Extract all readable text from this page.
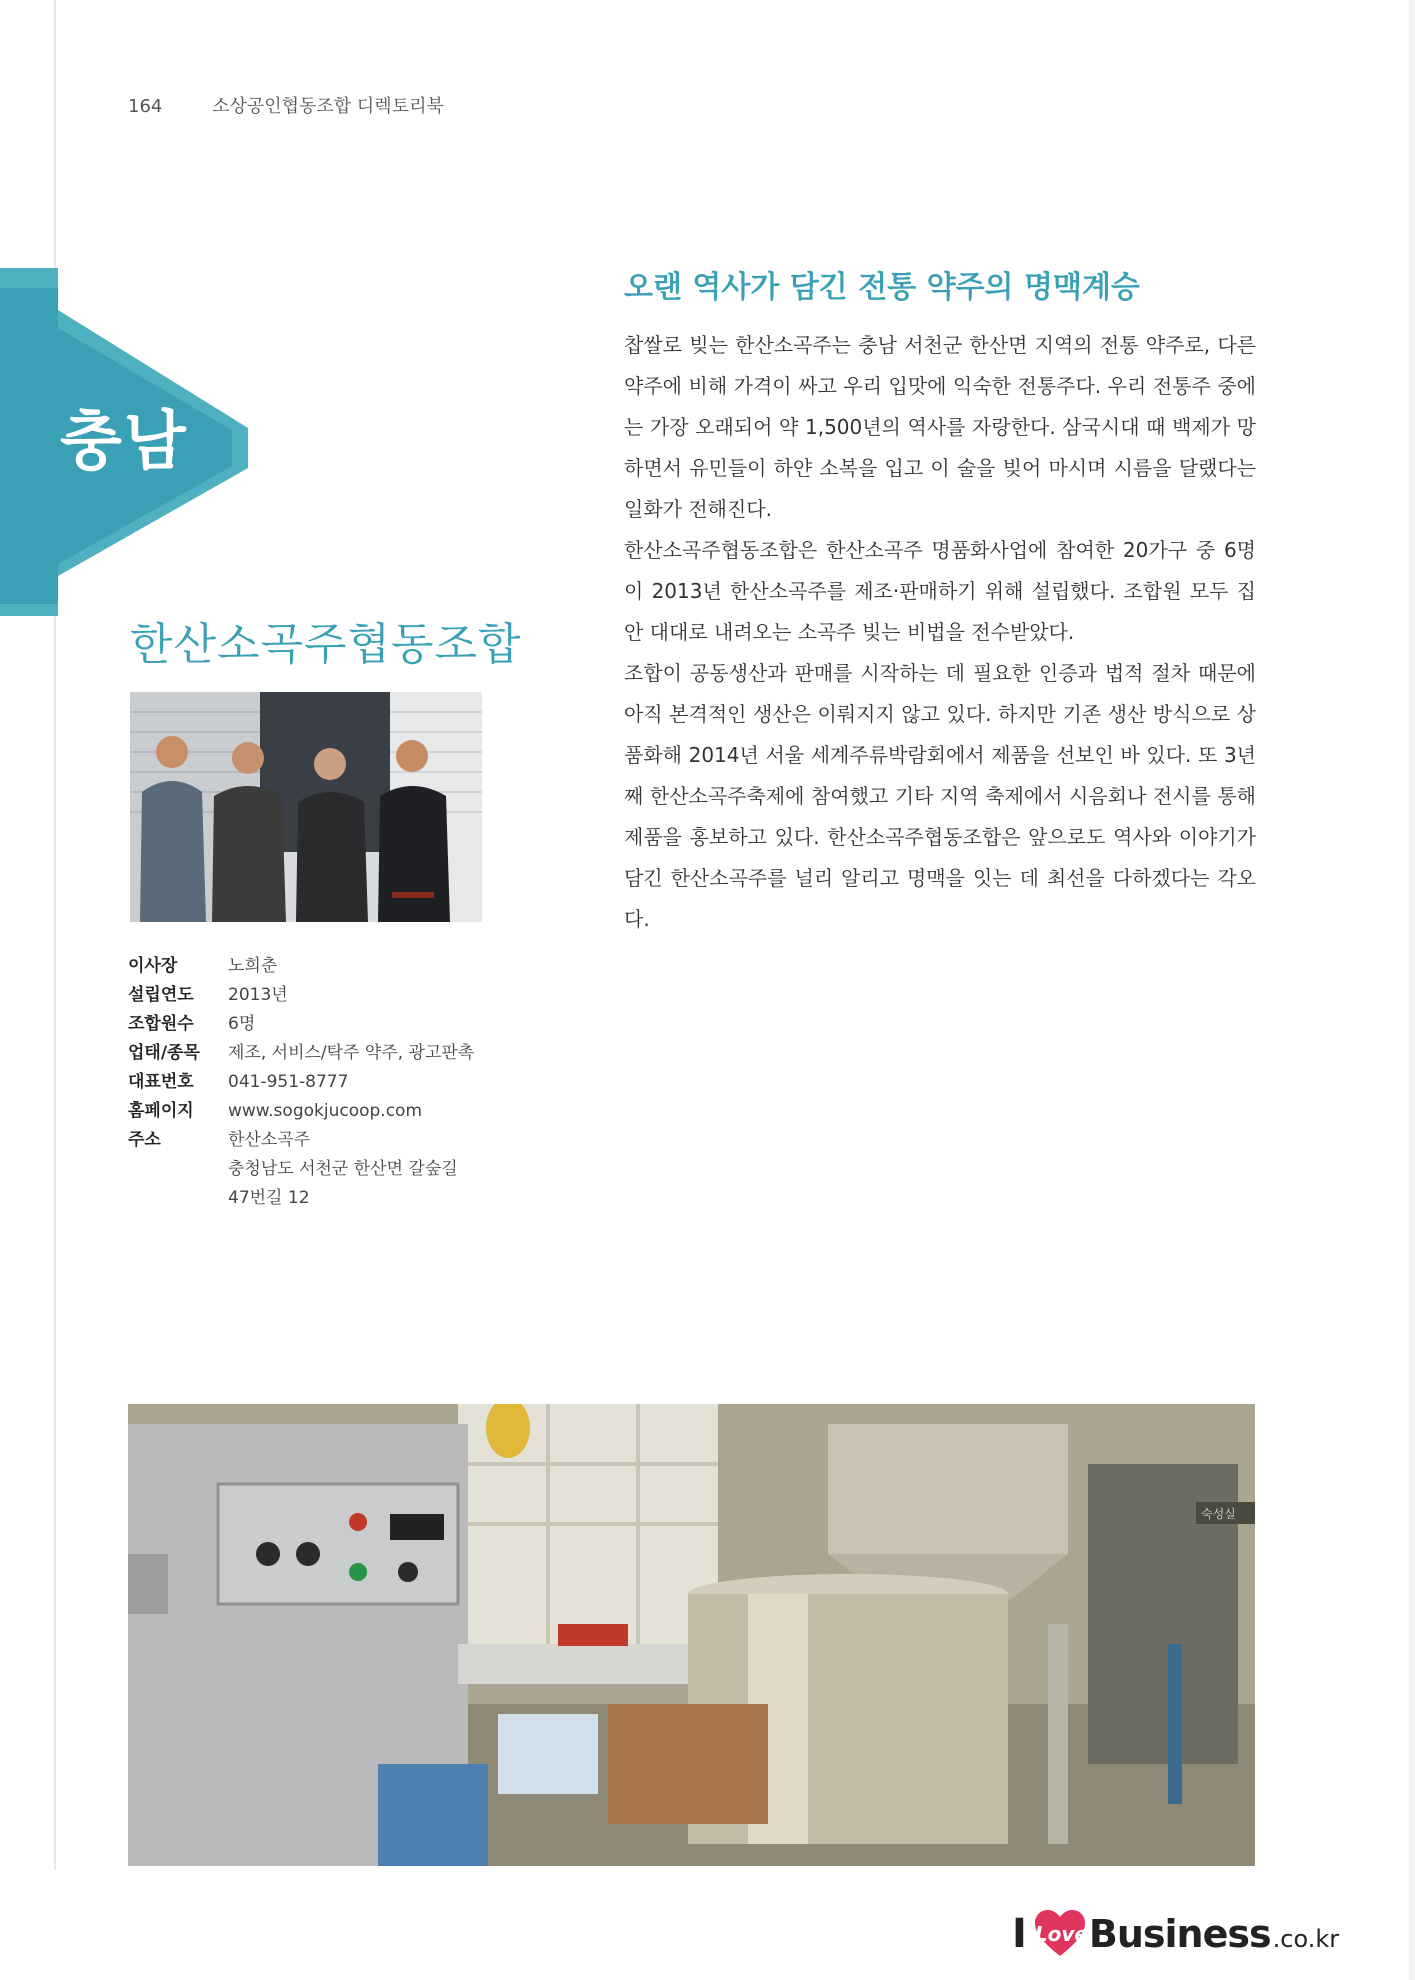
164	소상공인협동조합 디렉토리북
충남
한산소곡주협동조합
이사장	노희춘
설립연도	2013년
조합원수	6명
업태/종목	제조, 서비스/탁주 약주, 광고판촉
대표번호	041-951-8777
홈페이지	www.sogokjucoop.com
주소	한산소곡주
충청남도 서천군 한산면 갈숲길
47번길 12
오랜 역사가 담긴 전통 약주의 명맥계승

찹쌀로 빚는 한산소곡주는 충남 서천군 한산면 지역의 전통 약주로, 다른 약주에 비해 가격이 싸고 우리 입맛에 익숙한 전통주다. 우리 전통주 중에는 가장 오래되어 약 1,500년의 역사를 자랑한다. 삼국시대 때 백제가 망하면서 유민들이 하얀 소복을 입고 이 술을 빚어 마시며 시름을 달랬다는 일화가 전해진다.

한산소곡주협동조합은 한산소곡주 명품화사업에 참여한 20가구 중 6명이 2013년 한산소곡주를 제조·판매하기 위해 설립했다. 조합원 모두 집안 대대로 내려오는 소곡주 빚는 비법을 전수받았다.

조합이 공동생산과 판매를 시작하는 데 필요한 인증과 법적 절차 때문에 아직 본격적인 생산은 이뤄지지 않고 있다. 하지만 기존 생산 방식으로 상품화해 2014년 서울 세계주류박람회에서 제품을 선보인 바 있다. 또 3년째 한산소곡주축제에 참여했고 기타 지역 축제에서 시음회나 전시를 통해 제품을 홍보하고 있다. 한산소곡주협동조합은 앞으로도 역사와 이야기가 담긴 한산소곡주를 널리 알리고 명맥을 잇는 데 최선을 다하겠다는 각오다.

숙성실
I Love Business .co.kr
